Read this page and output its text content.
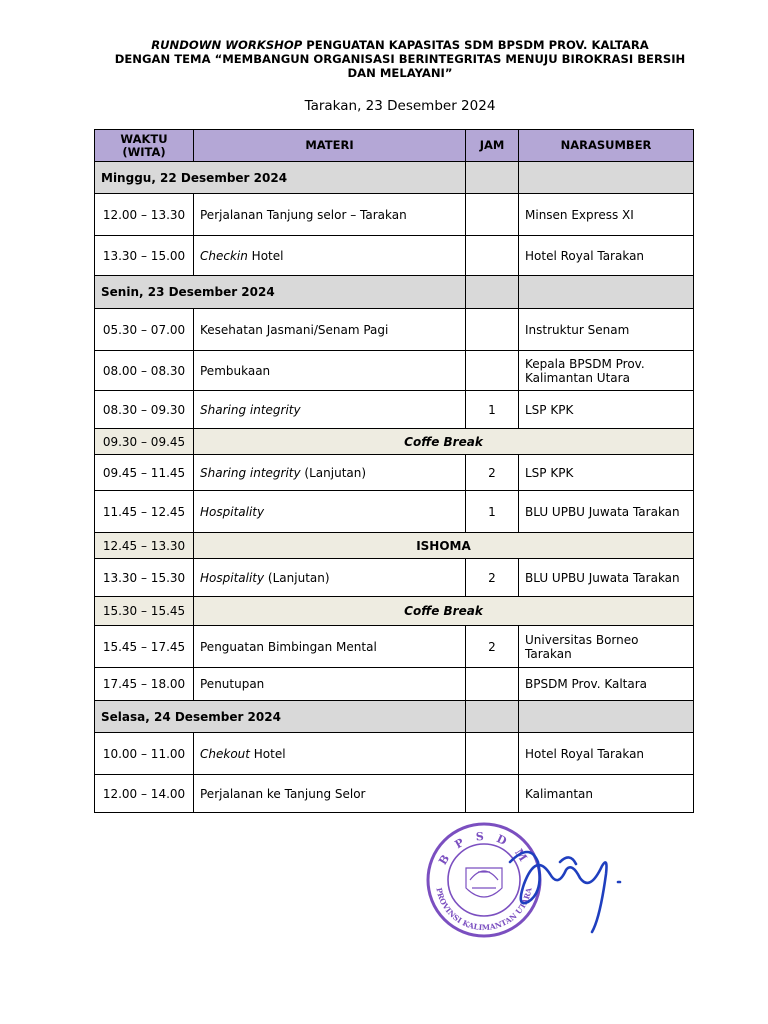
RUNDOWN WORKSHOP PENGUATAN KAPASITAS SDM BPSDM PROV. KALTARA
DENGAN TEMA “MEMBANGUN ORGANISASI BERINTEGRITAS MENUJU BIROKRASI BERSIH
DAN MELAYANI”
Tarakan, 23 Desember 2024
WAKTU
(WITA)	MATERI	JAM	NARASUMBER
Minggu, 22 Desember 2024			
12.00 – 13.30	Perjalanan Tanjung selor – Tarakan		Minsen Express XI
13.30 – 15.00	Checkin Hotel		Hotel Royal Tarakan
Senin, 23 Desember 2024			
05.30 – 07.00	Kesehatan Jasmani/Senam Pagi		Instruktur Senam
08.00 – 08.30	Pembukaan		Kepala BPSDM Prov.
Kalimantan Utara

08.30 – 09.30	Sharing integrity	1	LSP KPK
09.30 – 09.45	Coffe Break		
09.45 – 11.45	Sharing integrity (Lanjutan)	2	LSP KPK
11.45 – 12.45	Hospitality	1	BLU UPBU Juwata Tarakan
12.45 – 13.30	ISHOMA		
13.30 – 15.30	Hospitality (Lanjutan)	2	BLU UPBU Juwata Tarakan
15.30 – 15.45	Coffe Break		
15.45 – 17.45	Penguatan Bimbingan Mental	2	Universitas Borneo Tarakan
17.45 – 18.00	Penutupan		BPSDM Prov. Kaltara
Selasa, 24 Desember 2024			
10.00 – 11.00	Chekout Hotel		Hotel Royal Tarakan
12.00 – 14.00	Perjalanan ke Tanjung Selor		Kalimantan
B P S D M
PROVINSI KALIMANTAN UTARA
